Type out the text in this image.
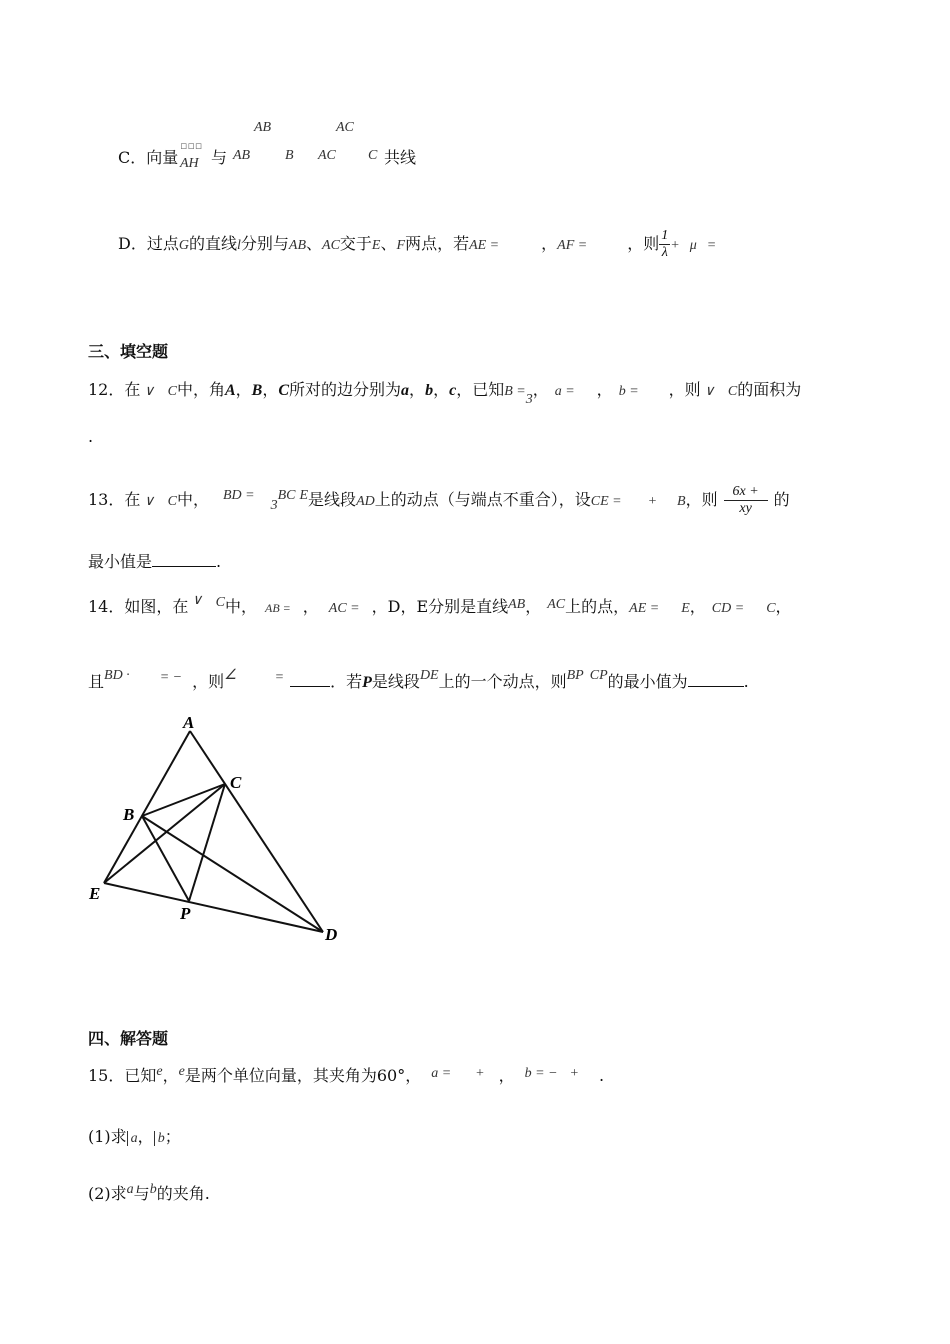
C．向量
▫▫▫
AH 与
AB
AB B
AC
AC C 共线
D．过点G的直线l分别与AB、AC交于E、F两点，若AE =	，AF =	，则 $\frac{1}{\lambda} + \mu$ =
三、填空题
12．在 ∨ C中，角A，B，C所对的边分别为a，b，c，已知B =3， a = ， b = ，则 ∨ C的面积为
.
13．在 ∨ C中， BD =3BC E是线段AD上的动点（与端点不重合），设CE = + B，则 $\frac{6x +}{xy}$ 的
最小值是	.
14．如图，在 ∨ C中， AB = ， AC = ，D，E分别是直线AB， AC上的点，AE = E， CD = C，
且BD · = − ，则∠	=	．若P是线段DE上的一个动点，则BP CP的最小值为	.
A
C
B
E
P
D
四、解答题
15．已知e，e是两个单位向量，其夹角为60°， a = + ， b = − + .
(1)求 a， b；
(2)求a与b的夹角.
